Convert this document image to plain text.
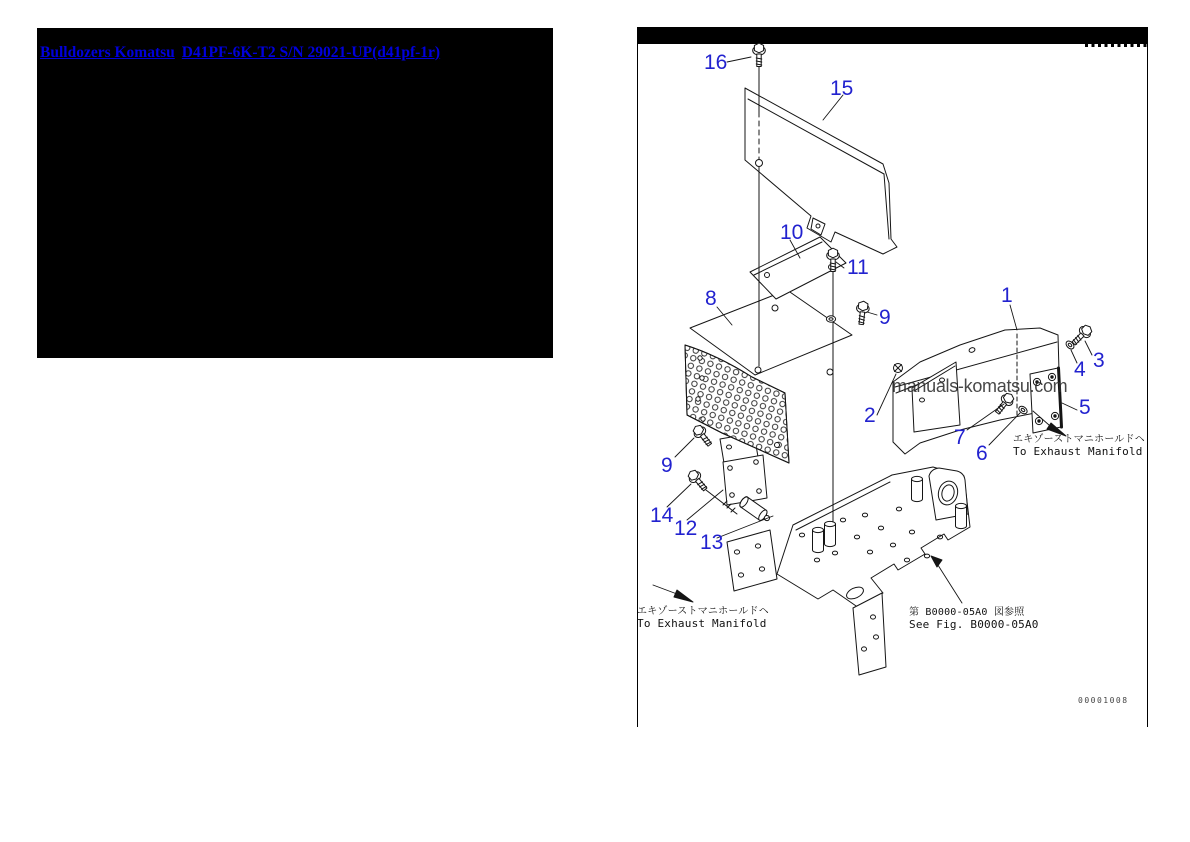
Bulldozers Komatsu D41PF-6K-T2 S/N 29021-UP(d41pf-1r)
manuals-komatsu.com
16
15
10
11
8
9
1
3
4
2	5
7
6
9
14
12
13
エキゾーストマニホールドヘ
To Exhaust Manifold
エキゾーストマニホールドヘ
To Exhaust Manifold
第 B0000-05A0 図参照
See Fig. B0000-05A0
00001008
